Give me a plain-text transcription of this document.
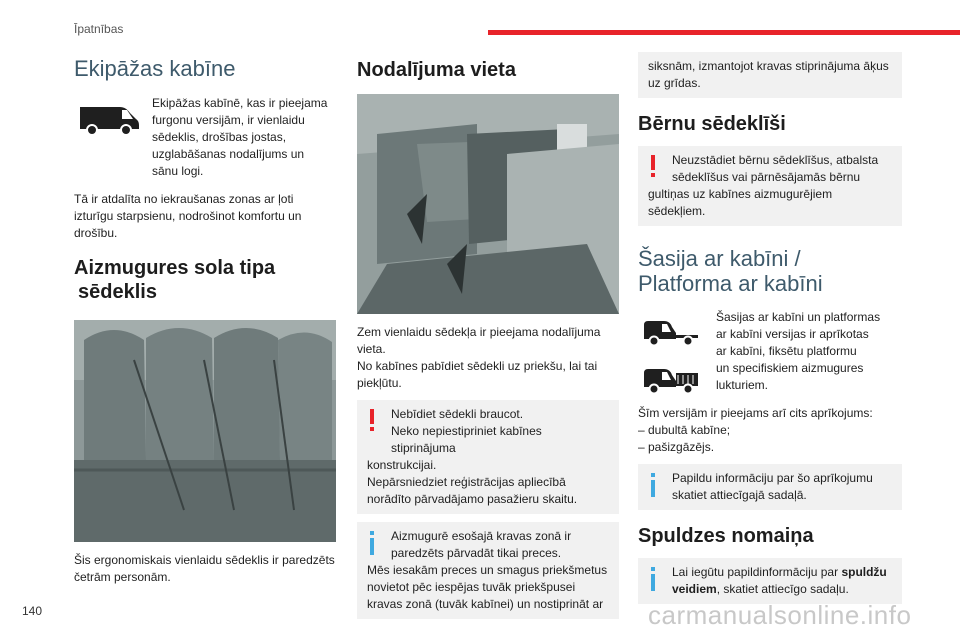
Īpatnības
Ekipāžas kabīne

Ekipāžas kabīnē, kas ir pieejama

furgonu versijām, ir vienlaidu

sēdeklis, drošības jostas,

uzglabāšanas nodalījums un

sānu logi.

Tā ir atdalīta no iekraušanas zonas ar ļoti

izturīgu starpsienu, nodrošinot komfortu un

drošību.

Aizmugures sola tipa
sēdeklis

Šis ergonomiskais vienlaidu sēdeklis ir paredzēts

četrām personām.

Nodalījuma vieta

Zem vienlaidu sēdekļa ir pieejama nodalījuma

vieta.

No kabīnes pabīdiet sēdekli uz priekšu, lai tai

piekļūtu.

Nebīdiet sēdekli braucot.
Neko nepiestipriniet kabīnes stiprinājuma
konstrukcijai.
Nepārsniedziet reģistrācijas apliecībā
norādīto pārvadājamo pasažieru skaitu.
Aizmugurē esošajā kravas zonā ir
paredzēts pārvadāt tikai preces.
Mēs iesakām preces un smagus priekšmetus
novietot pēc iespējas tuvāk priekšpusei
kravas zonā (tuvāk kabīnei) un nostiprināt ar
siksnām, izmantojot kravas stiprinājuma āķus
uz grīdas.
Bērnu sēdeklīši
Neuzstādiet bērnu sēdeklīšus, atbalsta
sēdeklīšus vai pārnēsājamās bērnu
gultiņas uz kabīnes aizmugurējiem sēdekļiem.
Šasija ar kabīni /
Platforma ar kabīni

Šasijas ar kabīni un platformas

ar kabīni versijas ir aprīkotas

ar kabīni, fiksētu platformu

un specifiskiem aizmugures

lukturiem.

Šīm versijām ir pieejams arī cits aprīkojums:

– dubultā kabīne;

– pašizgāzējs.

Papildu informāciju par šo aprīkojumu
skatiet attiecīgajā sadaļā.
Spuldzes nomaiņa
Lai iegūtu papildinformāciju par spuldžu
veidiem, skatiet attiecīgo sadaļu.
140	carmanualsonline.info
